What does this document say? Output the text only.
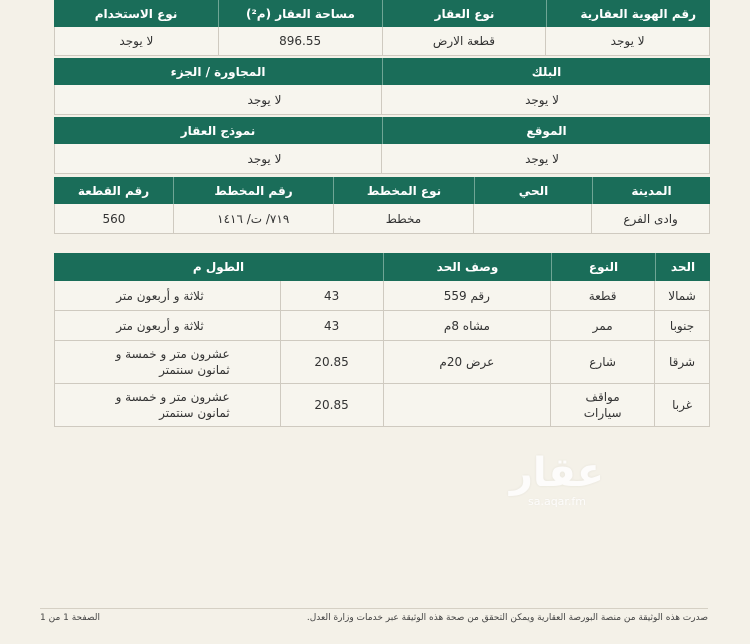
رقم الهوية العقارية
نوع العقار
مساحة العقار (م²)
نوع الاستخدام
لا يوجد
قطعة الارض
896.55
لا يوجد
البلك
المجاورة / الجزء
لا يوجد
لا يوجد
الموقع
نموذج العقار
لا يوجد
لا يوجد
المدينة
الحي
نوع المخطط
رقم المخطط
رقم القطعة
وادى الفرع
مخطط
٧١٩/ ت/ ١٤١٦
560
الحد
النوع
وصف الحد
الطول م
شمالا
قطعة
رقم 559
43
ثلاثة و أربعون متر
جنوبا
ممر
مشاه 8م
43
ثلاثة و أربعون متر
شرقا
شارع
عرض 20م
20.85
عشرون متر و خمسة و ثمانون سنتمتر
غربا
مواقف سيارات
20.85
عشرون متر و خمسة و ثمانون سنتمتر
عقار
sa.aqar.fm
الصفحة 1 من 1	صدرت هذه الوثيقة من منصة البورصة العقارية ويمكن التحقق من صحة هذه الوثيقة عبر خدمات وزارة العدل.
